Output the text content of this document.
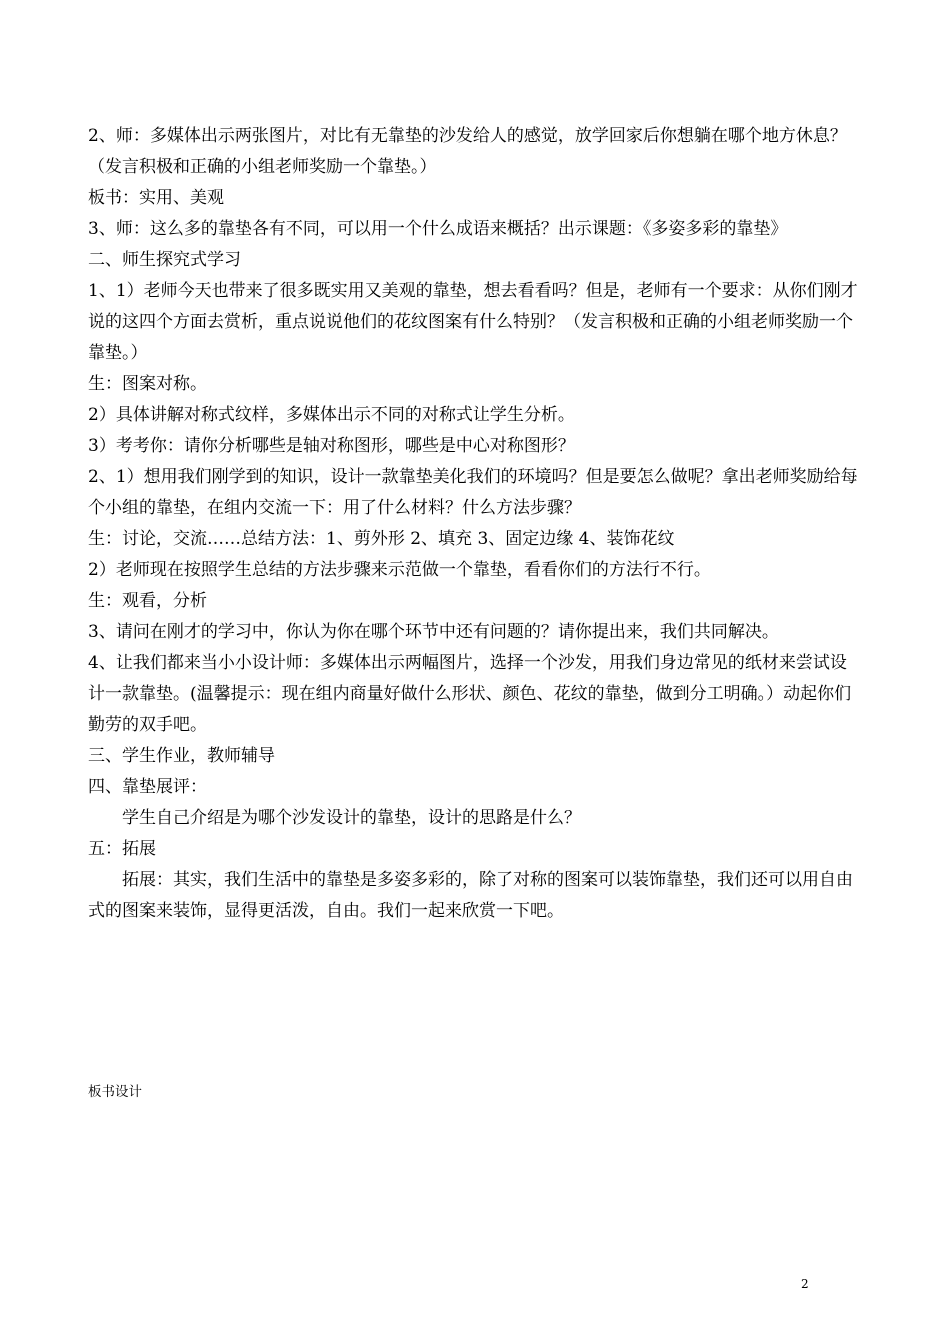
2、师：多媒体出示两张图片，对比有无靠垫的沙发给人的感觉，放学回家后你想躺在哪个地方休息？（发言积极和正确的小组老师奖励一个靠垫。）

板书：实用、美观

3、师：这么多的靠垫各有不同，可以用一个什么成语来概括？出示课题：《多姿多彩的靠垫》

二、师生探究式学习

1、1）老师今天也带来了很多既实用又美观的靠垫，想去看看吗？但是，老师有一个要求：从你们刚才说的这四个方面去赏析，重点说说他们的花纹图案有什么特别？（发言积极和正确的小组老师奖励一个靠垫。）

生：图案对称。

2）具体讲解对称式纹样，多媒体出示不同的对称式让学生分析。

3）考考你：请你分析哪些是轴对称图形，哪些是中心对称图形？

2、1）想用我们刚学到的知识，设计一款靠垫美化我们的环境吗？但是要怎么做呢？拿出老师奖励给每个小组的靠垫，在组内交流一下：用了什么材料？什么方法步骤？

生：讨论，交流……总结方法：1、剪外形 2、填充 3、固定边缘 4、装饰花纹

2）老师现在按照学生总结的方法步骤来示范做一个靠垫，看看你们的方法行不行。

生：观看，分析

3、请问在刚才的学习中，你认为你在哪个环节中还有问题的？请你提出来，我们共同解决。

4、让我们都来当小小设计师：多媒体出示两幅图片，选择一个沙发，用我们身边常见的纸材来尝试设计一款靠垫。(温馨提示：现在组内商量好做什么形状、颜色、花纹的靠垫，做到分工明确。）动起你们勤劳的双手吧。

三、学生作业，教师辅导

四、靠垫展评：

学生自己介绍是为哪个沙发设计的靠垫，设计的思路是什么？

五：拓展

拓展：其实，我们生活中的靠垫是多姿多彩的，除了对称的图案可以装饰靠垫，我们还可以用自由式的图案来装饰，显得更活泼，自由。我们一起来欣赏一下吧。

板书设计
2
